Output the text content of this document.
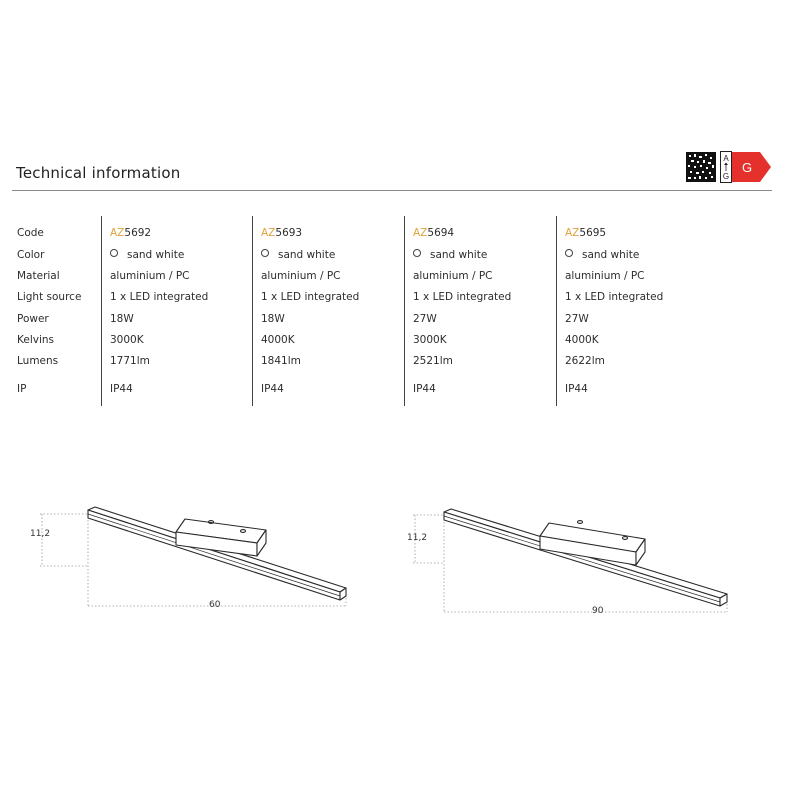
Technical information
A
G
G
Code
Color
Material
Light source
Power
Kelvins
Lumens
IP
AZ5692
sand white
aluminium / PC
1 x LED integrated
18W
3000K
1771lm
IP44
AZ5693
sand white
aluminium / PC
1 x LED integrated
18W
4000K
1841lm
IP44
AZ5694
sand white
aluminium / PC
1 x LED integrated
27W
3000K
2521lm
IP44
AZ5695
sand white
aluminium / PC
1 x LED integrated
27W
4000K
2622lm
IP44
11,2
60
11,2
90
